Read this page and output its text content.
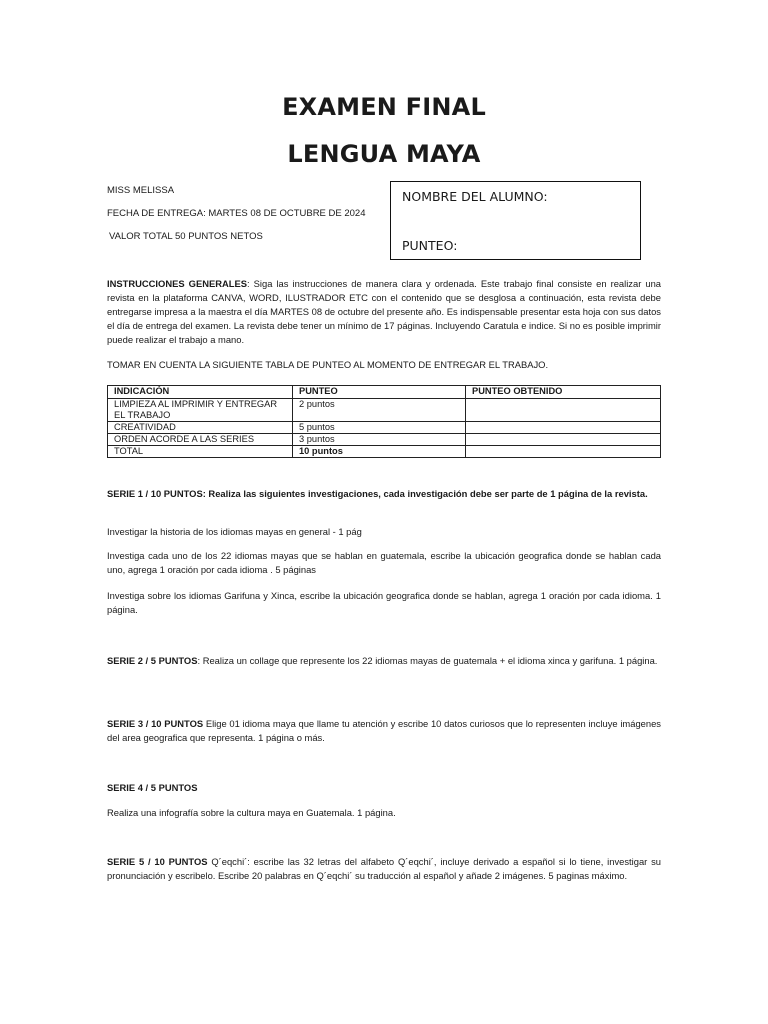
EXAMEN FINAL
LENGUA MAYA
MISS MELISSA
FECHA DE ENTREGA: MARTES 08 DE OCTUBRE DE 2024
VALOR TOTAL 50 PUNTOS NETOS
NOMBRE DEL ALUMNO:
PUNTEO:

INSTRUCCIONES GENERALES: Siga las instrucciones de manera clara y ordenada. Este trabajo final consiste en realizar una revista en la plataforma CANVA, WORD, ILUSTRADOR ETC con el contenido que se desglosa a continuación, esta revista debe entregarse impresa a la maestra el día MARTES 08 de octubre del presente año. Es indispensable presentar esta hoja con sus datos el día de entrega del examen. La revista debe tener un mínimo de 17 páginas. Incluyendo Caratula e indice. Si no es posible imprimir puede realizar el trabajo a mano.

TOMAR EN CUENTA LA SIGUIENTE TABLA DE PUNTEO AL MOMENTO DE ENTREGAR EL TRABAJO.

INDICACIÓN	PUNTEO	PUNTEO OBTENIDO
LIMPIEZA AL IMPRIMIR Y ENTREGAR EL TRABAJO	2 puntos	
CREATIVIDAD	5 puntos	
ORDEN ACORDE A LAS SERIES	3 puntos	
TOTAL	10 puntos	

SERIE 1 / 10 PUNTOS: Realiza las siguientes investigaciones, cada investigación debe ser parte de 1 página de la revista.

Investigar la historia de los idiomas mayas en general - 1 pág

Investiga cada uno de los 22 idiomas mayas que se hablan en guatemala, escribe la ubicación geografica donde se hablan cada uno, agrega 1 oración por cada idioma . 5 páginas

Investiga sobre los idiomas Garifuna y Xinca, escribe la ubicación geografica donde se hablan, agrega 1 oración por cada idioma. 1 página.

SERIE 2 / 5 PUNTOS: Realiza un collage que represente los 22 idiomas mayas de guatemala + el idioma xinca y garifuna. 1 página.

SERIE 3 / 10 PUNTOS Elige 01 idioma maya que llame tu atención y escribe 10 datos curiosos que lo representen incluye imágenes del area geografica que representa. 1 página o más.

SERIE 4 / 5 PUNTOS

Realiza una infografía sobre la cultura maya en Guatemala. 1 página.

SERIE 5 / 10 PUNTOS Q´eqchi´: escribe las 32 letras del alfabeto Q´eqchi´, incluye derivado a español si lo tiene, investigar su pronunciación y escribelo. Escribe 20 palabras en Q´eqchi´ su traducción al español y añade 2 imágenes. 5 paginas máximo.
